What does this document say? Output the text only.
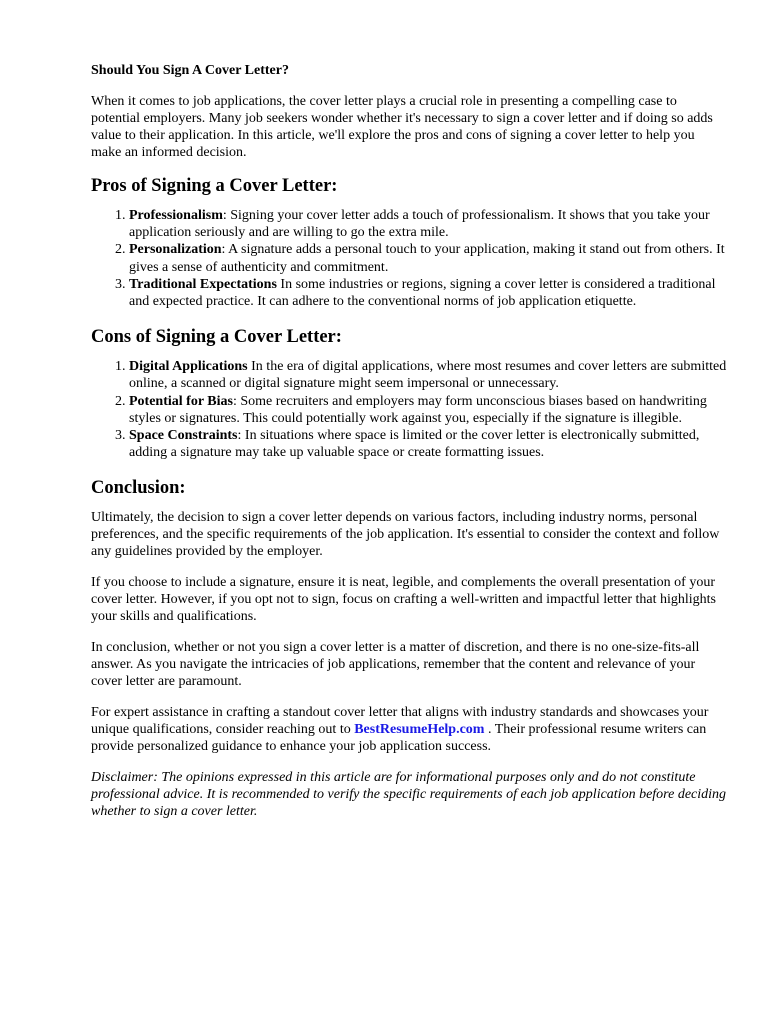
Should You Sign A Cover Letter?

When it comes to job applications, the cover letter plays a crucial role in presenting a compelling case to potential employers. Many job seekers wonder whether it's necessary to sign a cover letter and if doing so adds value to their application. In this article, we'll explore the pros and cons of signing a cover letter to help you make an informed decision.

Pros of Signing a Cover Letter:
1. Professionalism: Signing your cover letter adds a touch of professionalism. It shows that you take your application seriously and are willing to go the extra mile.
2. Personalization: A signature adds a personal touch to your application, making it stand out from others. It gives a sense of authenticity and commitment.
3. Traditional Expectations In some industries or regions, signing a cover letter is considered a traditional and expected practice. It can adhere to the conventional norms of job application etiquette.
Cons of Signing a Cover Letter:
1. Digital Applications In the era of digital applications, where most resumes and cover letters are submitted online, a scanned or digital signature might seem impersonal or unnecessary.
2. Potential for Bias: Some recruiters and employers may form unconscious biases based on handwriting styles or signatures. This could potentially work against you, especially if the signature is illegible.
3. Space Constraints: In situations where space is limited or the cover letter is electronically submitted, adding a signature may take up valuable space or create formatting issues.
Conclusion:

Ultimately, the decision to sign a cover letter depends on various factors, including industry norms, personal preferences, and the specific requirements of the job application. It's essential to consider the context and follow any guidelines provided by the employer.

If you choose to include a signature, ensure it is neat, legible, and complements the overall presentation of your cover letter. However, if you opt not to sign, focus on crafting a well-written and impactful letter that highlights your skills and qualifications.

In conclusion, whether or not you sign a cover letter is a matter of discretion, and there is no one-size-fits-all answer. As you navigate the intricacies of job applications, remember that the content and relevance of your cover letter are paramount.

For expert assistance in crafting a standout cover letter that aligns with industry standards and showcases your unique qualifications, consider reaching out to BestResumeHelp.com . Their professional resume writers can provide personalized guidance to enhance your job application success.

Disclaimer: The opinions expressed in this article are for informational purposes only and do not constitute professional advice. It is recommended to verify the specific requirements of each job application before deciding whether to sign a cover letter.
